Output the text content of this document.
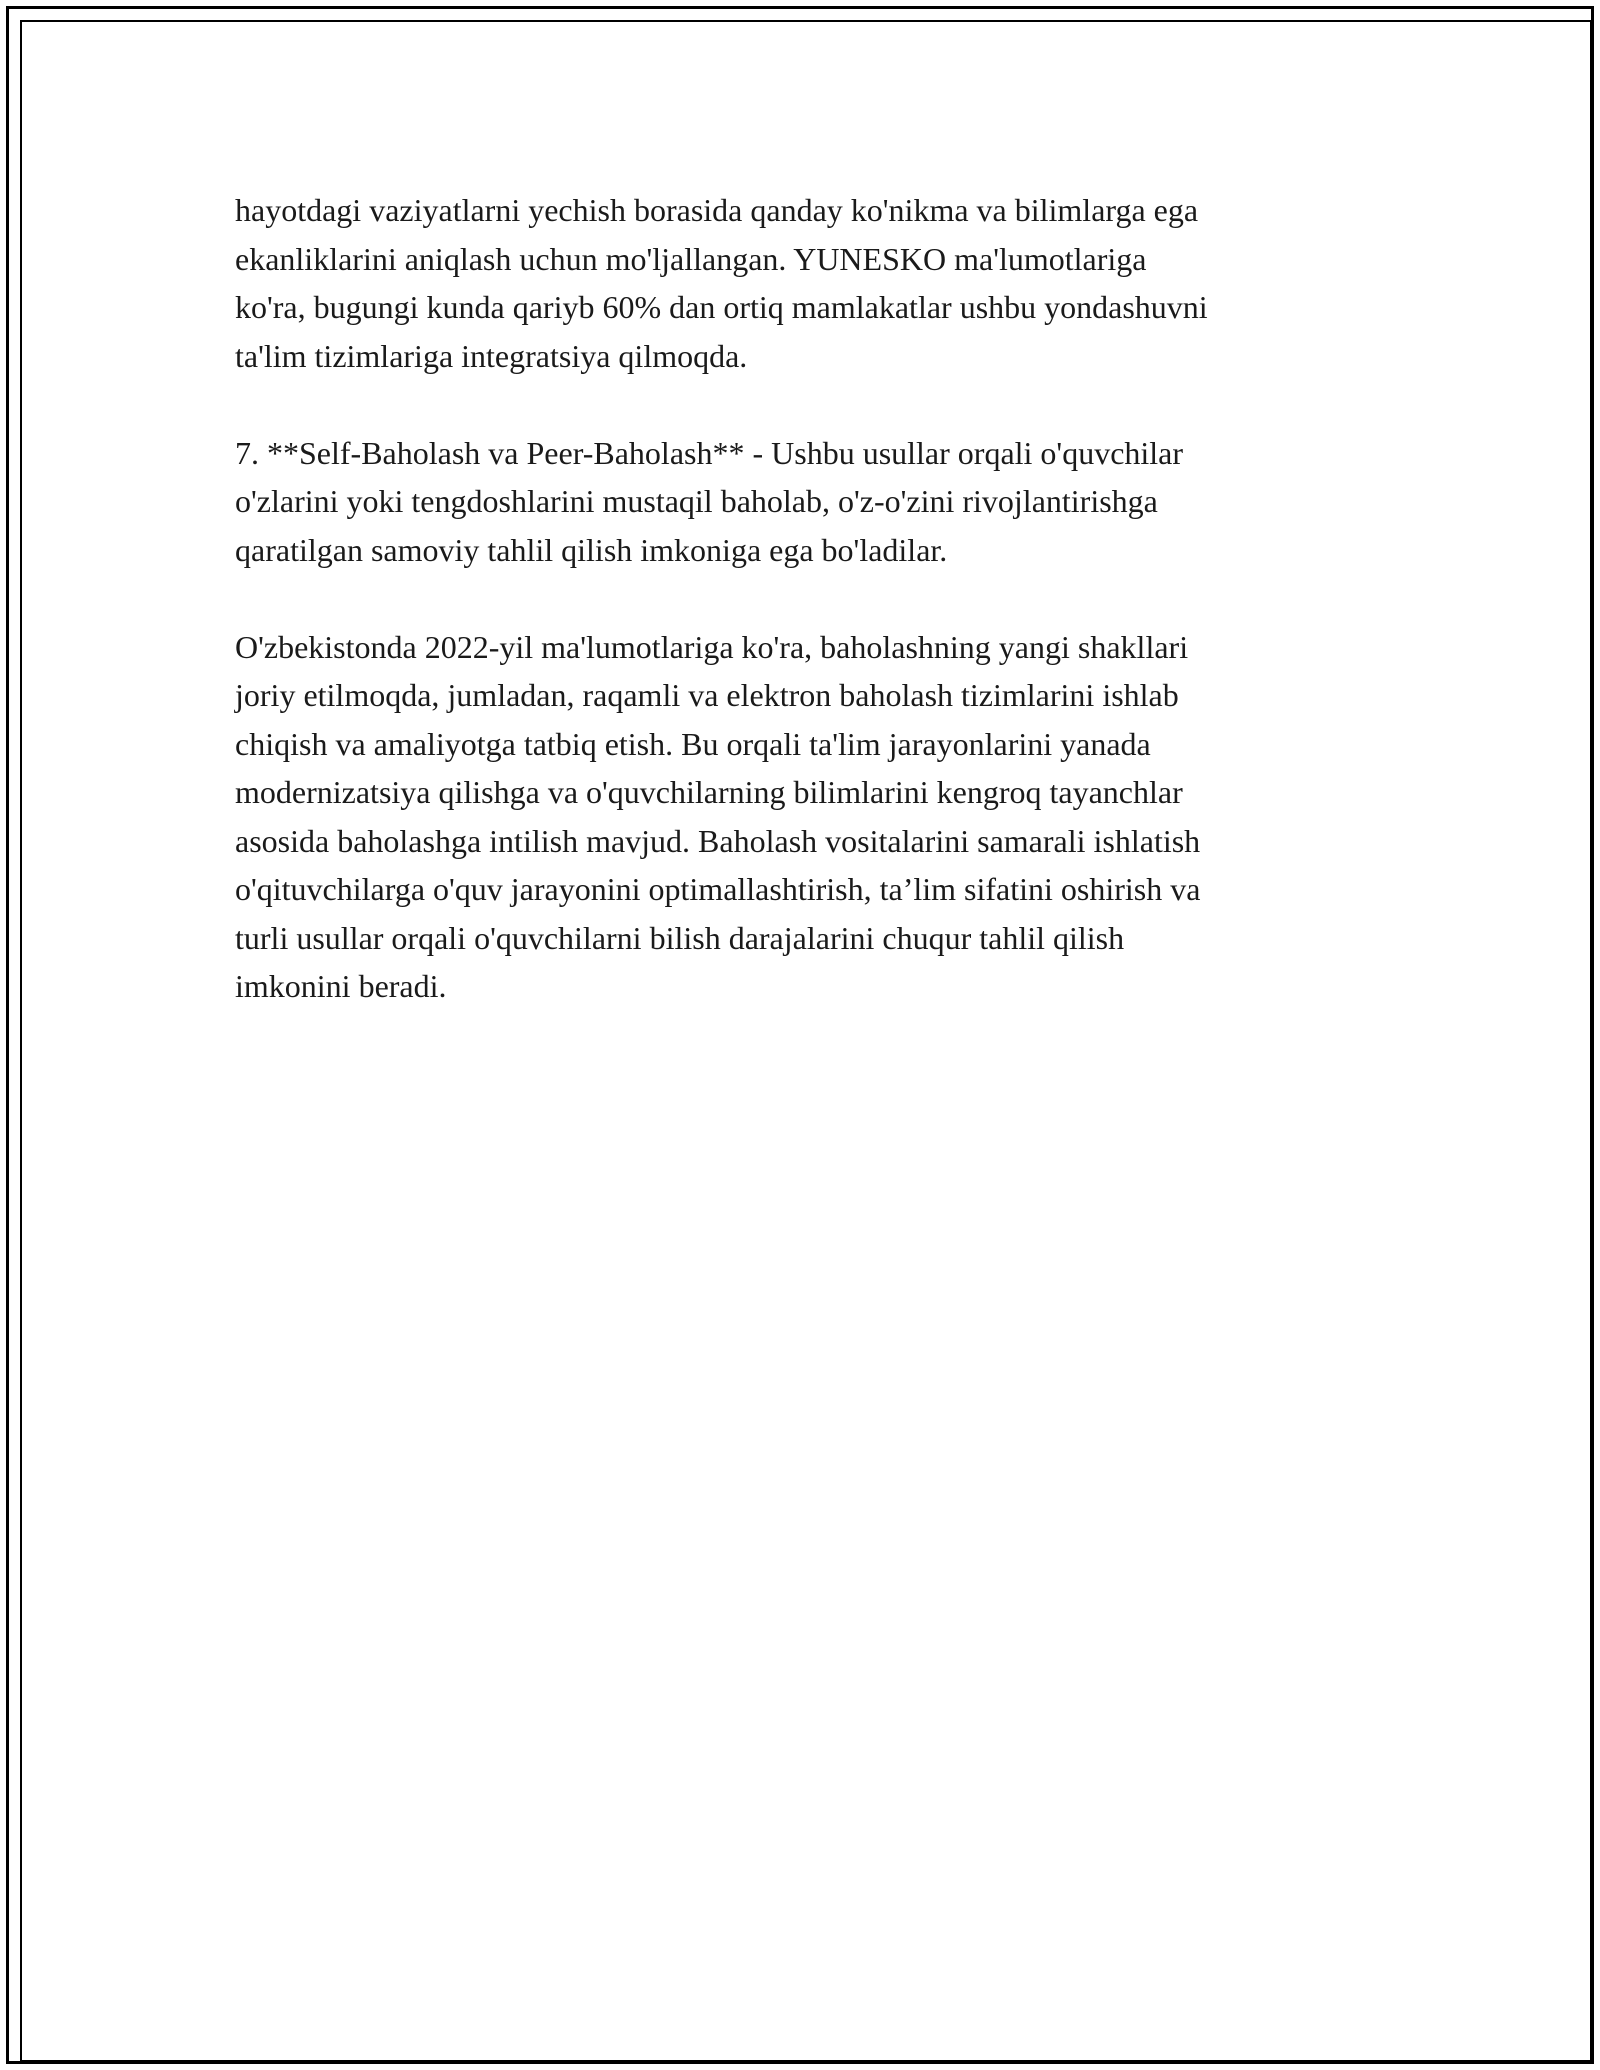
hayotdagi vaziyatlarni yechish borasida qanday ko'nikma va bilimlarga ega
ekanliklarini aniqlash uchun mo'ljallangan. YUNESKO ma'lumotlariga
ko'ra, bugungi kunda qariyb 60% dan ortiq mamlakatlar ushbu yondashuvni
ta'lim tizimlariga integratsiya qilmoqda.

7. **Self-Baholash va Peer-Baholash** - Ushbu usullar orqali o'quvchilar
o'zlarini yoki tengdoshlarini mustaqil baholab, o'z-o'zini rivojlantirishga
qaratilgan samoviy tahlil qilish imkoniga ega bo'ladilar.

O'zbekistonda 2022-yil ma'lumotlariga ko'ra, baholashning yangi shakllari
joriy etilmoqda, jumladan, raqamli va elektron baholash tizimlarini ishlab
chiqish va amaliyotga tatbiq etish. Bu orqali ta'lim jarayonlarini yanada
modernizatsiya qilishga va o'quvchilarning bilimlarini kengroq tayanchlar
asosida baholashga intilish mavjud. Baholash vositalarini samarali ishlatish
o'qituvchilarga o'quv jarayonini optimallashtirish, ta’lim sifatini oshirish va
turli usullar orqali o'quvchilarni bilish darajalarini chuqur tahlil qilish
imkonini beradi.
